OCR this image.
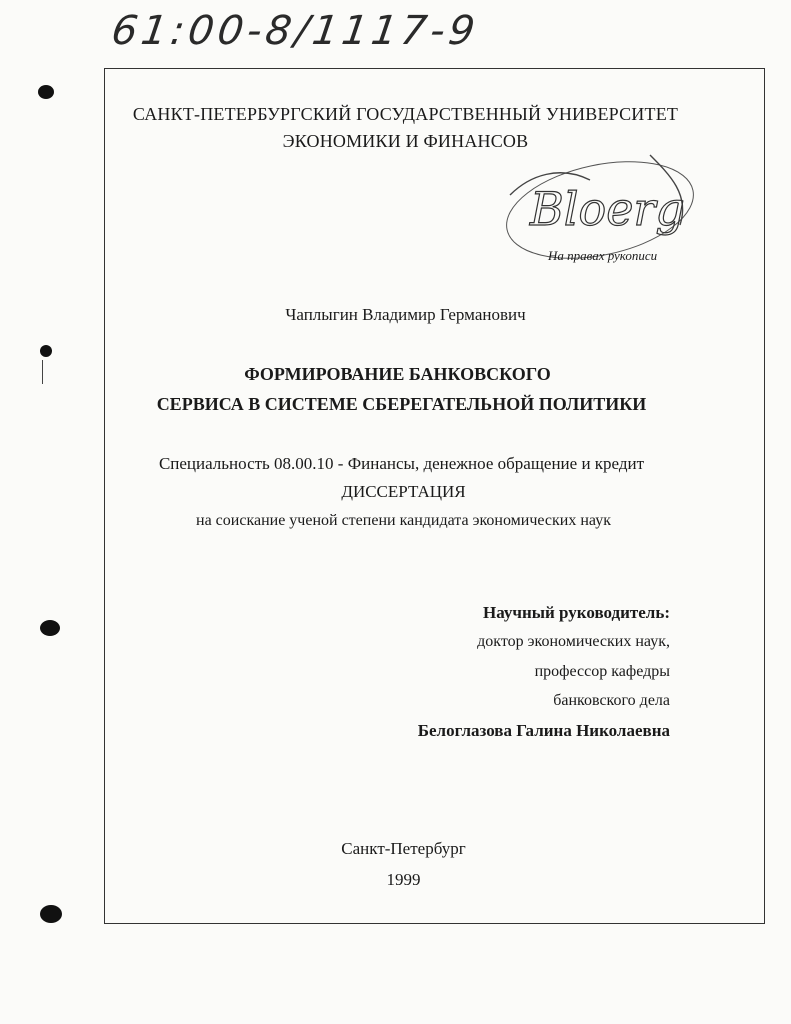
61:00-8/1117-9
САНКТ-ПЕТЕРБУРГСКИЙ ГОСУДАРСТВЕННЫЙ УНИВЕРСИТЕТ
ЭКОНОМИКИ И ФИНАНСОВ
Bloerg
На правах рукописи
Чаплыгин Владимир Германович
ФОРМИРОВАНИЕ БАНКОВСКОГО
СЕРВИСА В СИСТЕМЕ СБЕРЕГАТЕЛЬНОЙ ПОЛИТИКИ
Специальность 08.00.10 - Финансы, денежное обращение и кредит
ДИССЕРТАЦИЯ
на соискание ученой степени кандидата экономических наук
Научный руководитель:
доктор экономических наук,
профессор кафедры
банковского дела
Белоглазова Галина Николаевна
Санкт-Петербург
1999
